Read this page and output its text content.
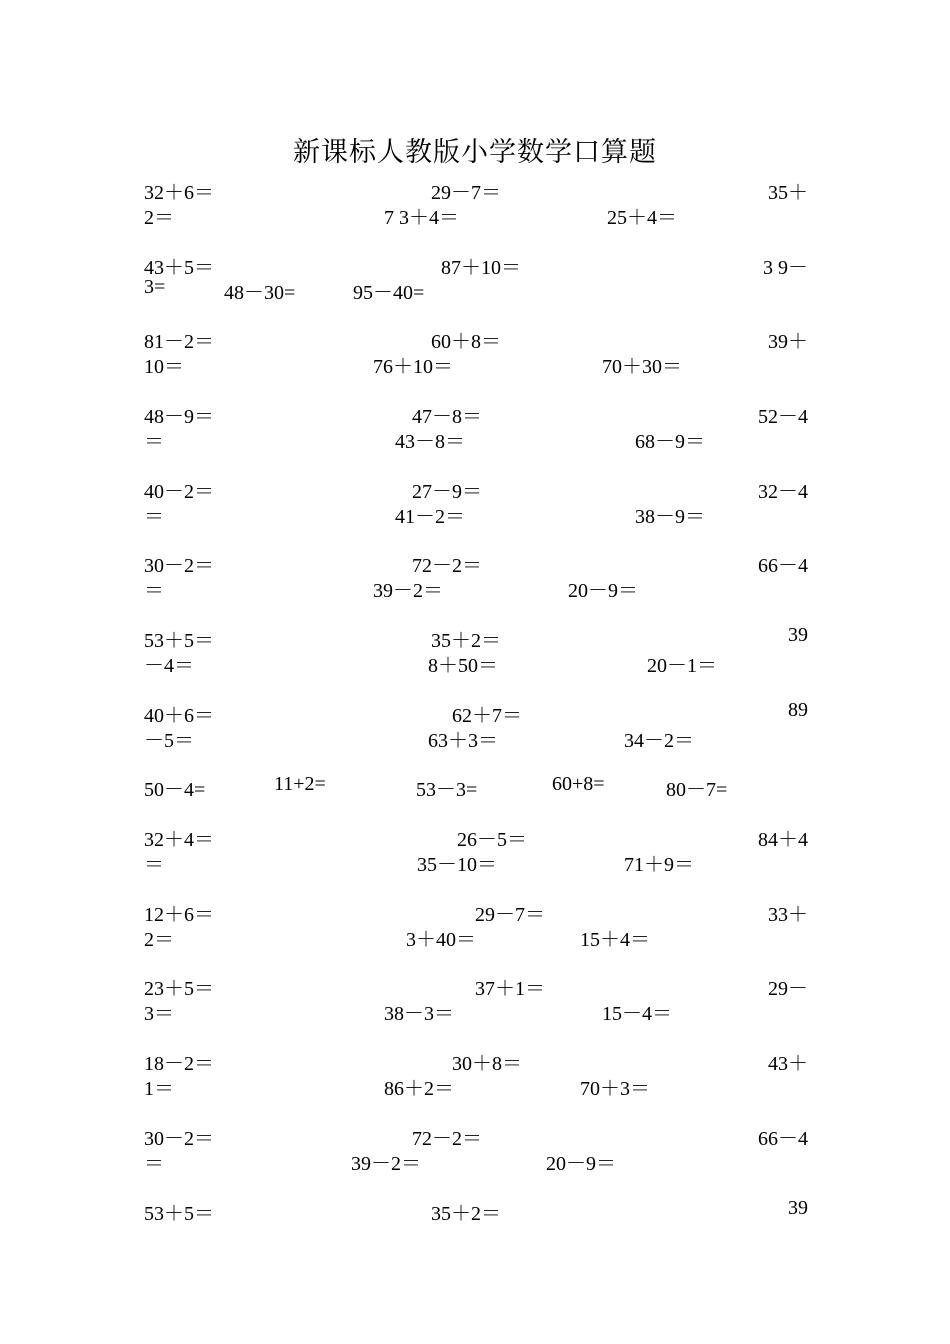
新课标人教版小学数学口算题
32＋6＝	29－7＝	35＋
2＝	7 3＋4＝	25＋4＝
43＋5＝	87＋10＝	3 9－
3=	48－30=	95－40=
81－2＝	60＋8＝	39＋
10＝	76＋10＝	70＋30＝
48－9＝	47－8＝	52－4
＝	43－8＝	68－9＝
40－2＝	27－9＝	32－4
＝	41－2＝	38－9＝
30－2＝	72－2＝	66－4
＝	39－2＝	20－9＝
53＋5＝	35＋2＝	39
－4＝	8＋50＝	20－1＝
40＋6＝	62＋7＝	89
－5＝	63＋3＝	34－2＝
50－4=	11+2=	53－3=	60+8=	80－7=
32＋4＝	26－5＝	84＋4
＝	35－10＝	71＋9＝
12＋6＝	29－7＝	33＋
2＝	3＋40＝	15＋4＝
23＋5＝	37＋1＝	29－
3＝	38－3＝	15－4＝
18－2＝	30＋8＝	43＋
1＝	86＋2＝	70＋3＝
30－2＝	72－2＝	66－4
＝	39－2＝	20－9＝
53＋5＝	35＋2＝	39
